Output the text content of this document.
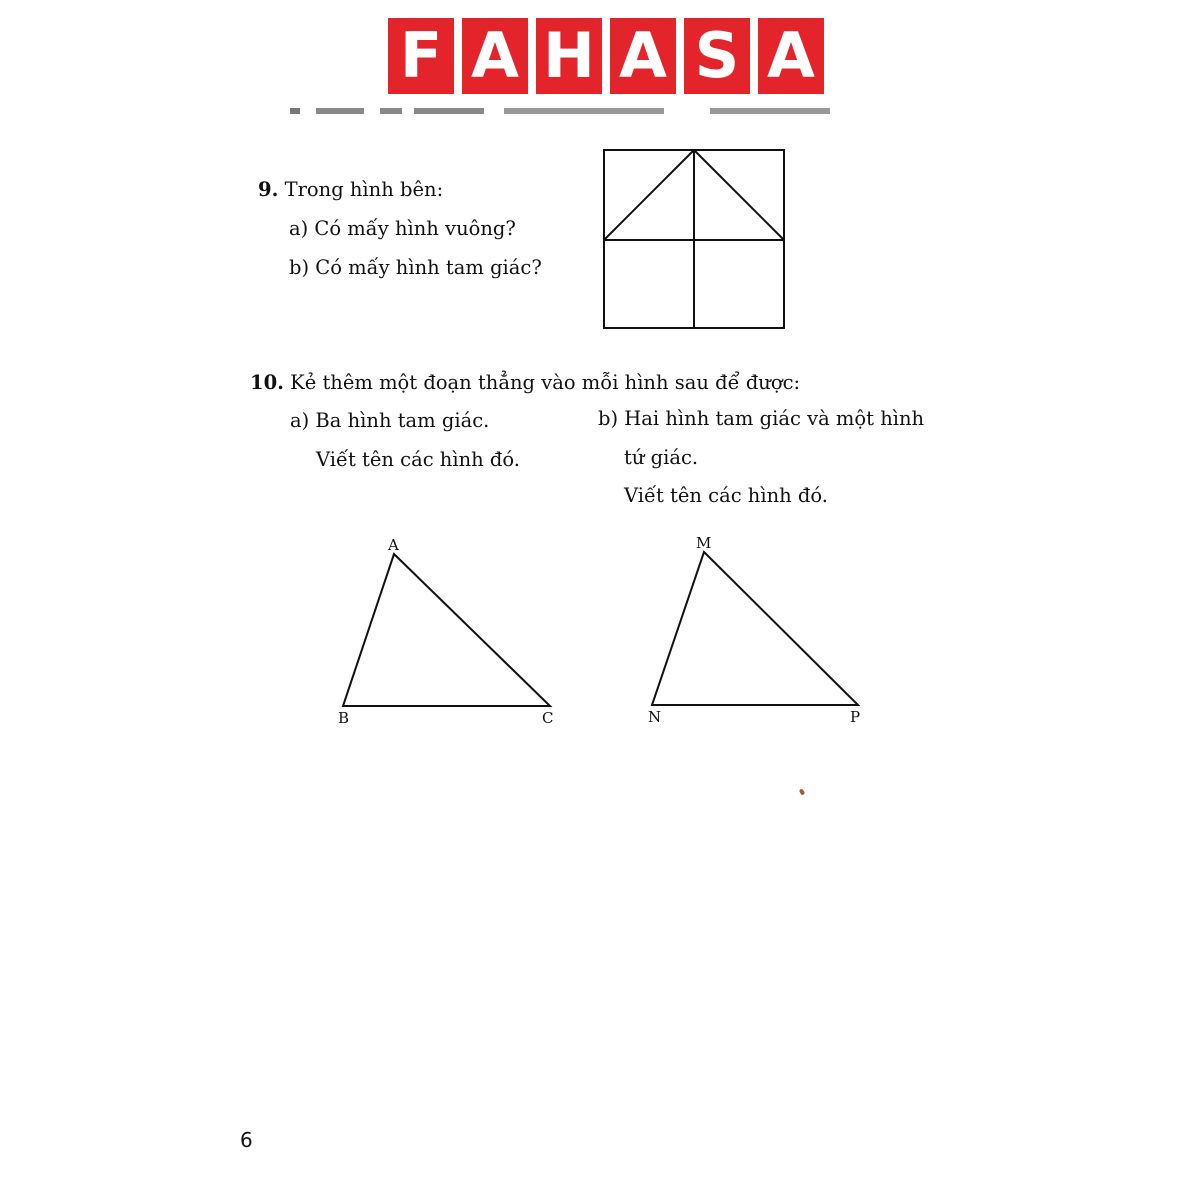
F A H A S A
9. Trong hình bên:
a) Có mấy hình vuông?
b) Có mấy hình tam giác?
10. Kẻ thêm một đoạn thẳng vào mỗi hình sau để được:
a) Ba hình tam giác.
Viết tên các hình đó.
b) Hai hình tam giác và một hình
tứ giác.
Viết tên các hình đó.
A
B	C
M
N	P
6
